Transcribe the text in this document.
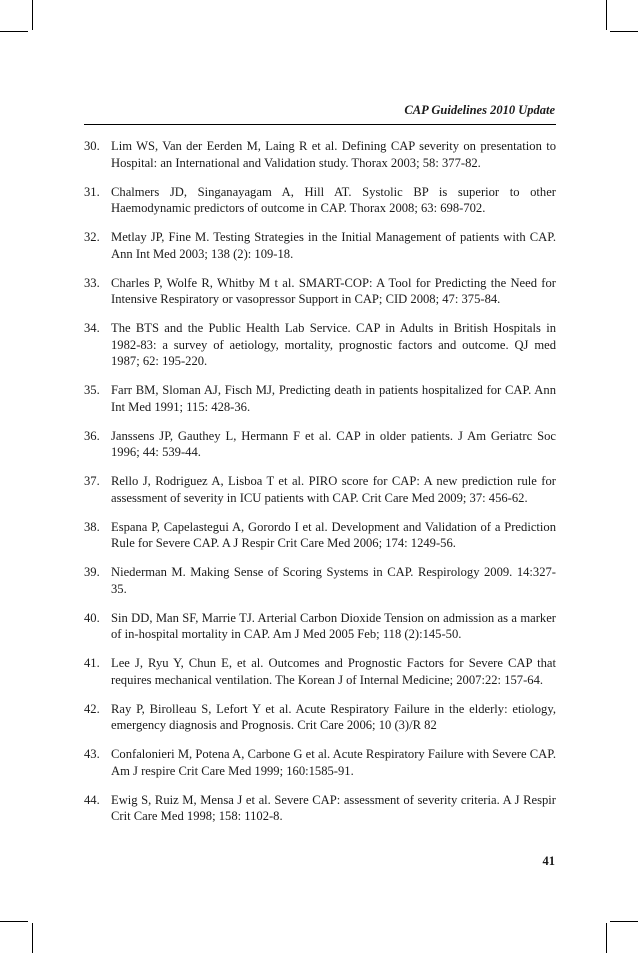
CAP Guidelines 2010 Update
30. Lim WS, Van der Eerden M, Laing R et al. Defining CAP severity on presentation to Hospital: an International and Validation study. Thorax 2003; 58: 377-82.
31. Chalmers JD, Singanayagam A, Hill AT. Systolic BP is superior to other Haemodynamic predictors of outcome in CAP. Thorax 2008; 63: 698-702.
32. Metlay JP, Fine M. Testing Strategies in the Initial Management of patients with CAP. Ann Int Med 2003; 138 (2): 109-18.
33. Charles P, Wolfe R, Whitby M t al. SMART-COP: A Tool for Predicting the Need for Intensive Respiratory or vasopressor Support in CAP; CID 2008; 47: 375-84.
34. The BTS and the Public Health Lab Service. CAP in Adults in British Hospitals in 1982-83: a survey of aetiology, mortality, prognostic factors and outcome. QJ med 1987; 62: 195-220.
35. Farr BM, Sloman AJ, Fisch MJ, Predicting death in patients hospitalized for CAP. Ann Int Med 1991; 115: 428-36.
36. Janssens JP, Gauthey L, Hermann F et al. CAP in older patients. J Am Geriatrc Soc 1996; 44: 539-44.
37. Rello J, Rodriguez A, Lisboa T et al. PIRO score for CAP: A new prediction rule for assessment of severity in ICU patients with CAP. Crit Care Med 2009; 37: 456-62.
38. Espana P, Capelastegui A, Gorordo I et al. Development and Validation of a Prediction Rule for Severe CAP. A J Respir Crit Care Med 2006; 174: 1249-56.
39. Niederman M. Making Sense of Scoring Systems in CAP. Respirology 2009. 14:327-35.
40. Sin DD, Man SF, Marrie TJ. Arterial Carbon Dioxide Tension on admission as a marker of in-hospital mortality in CAP. Am J Med 2005 Feb; 118 (2):145-50.
41. Lee J, Ryu Y, Chun E, et al. Outcomes and Prognostic Factors for Severe CAP that requires mechanical ventilation. The Korean J of Internal Medicine; 2007:22: 157-64.
42. Ray P, Birolleau S, Lefort Y et al. Acute Respiratory Failure in the elderly: etiology, emergency diagnosis and Prognosis. Crit Care 2006; 10 (3)/R 82
43. Confalonieri M, Potena A, Carbone G et al. Acute Respiratory Failure with Severe CAP. Am J respire Crit Care Med 1999; 160:1585-91.
44. Ewig S, Ruiz M, Mensa J et al. Severe CAP: assessment of severity criteria. A J Respir Crit Care Med 1998; 158: 1102-8.
41
